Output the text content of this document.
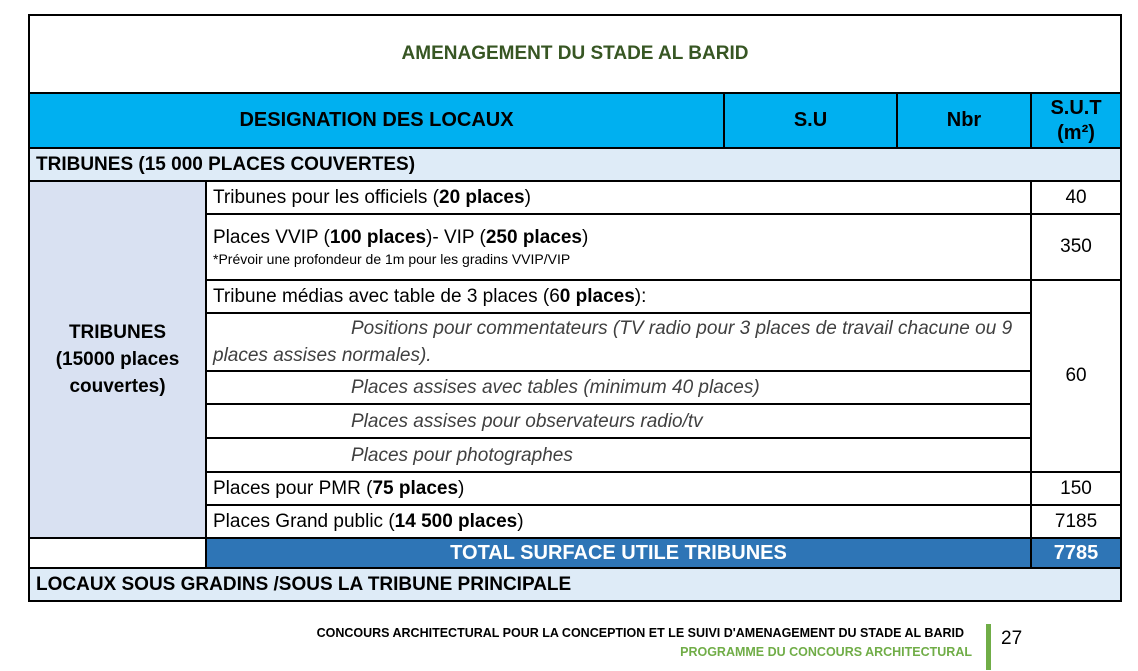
AMENAGEMENT DU STADE AL BARID				
DESIGNATION DES LOCAUX		S.U	Nbr	S.U.T
(m²)
TRIBUNES (15 000 PLACES COUVERTES)				
TRIBUNES
(15000 places
couvertes)	Tribunes pour les officiels (20 places)			40

	Places VVIP (100 places)- VIP (250 places)
*Prévoir une profondeur de 1m pour les gradins VVIP/VIP			350
	Tribune médias avec table de 3 places (60 places):			60
	Positions pour commentateurs (TV radio pour 3 places de travail chacune ou 9 places assises normales).			
	Places assises avec tables (minimum 40 places)			
	Places assises pour observateurs radio/tv			
	Places pour photographes			
	Places pour PMR (75 places)			150
	Places Grand public (14 500 places)			7185
	TOTAL SURFACE UTILE TRIBUNES			7785
LOCAUX SOUS GRADINS /SOUS LA TRIBUNE PRINCIPALE				
CONCOURS ARCHITECTURAL POUR LA CONCEPTION ET LE SUIVI D'AMENAGEMENT DU STADE AL BARID
PROGRAMME DU CONCOURS ARCHITECTURAL
27
